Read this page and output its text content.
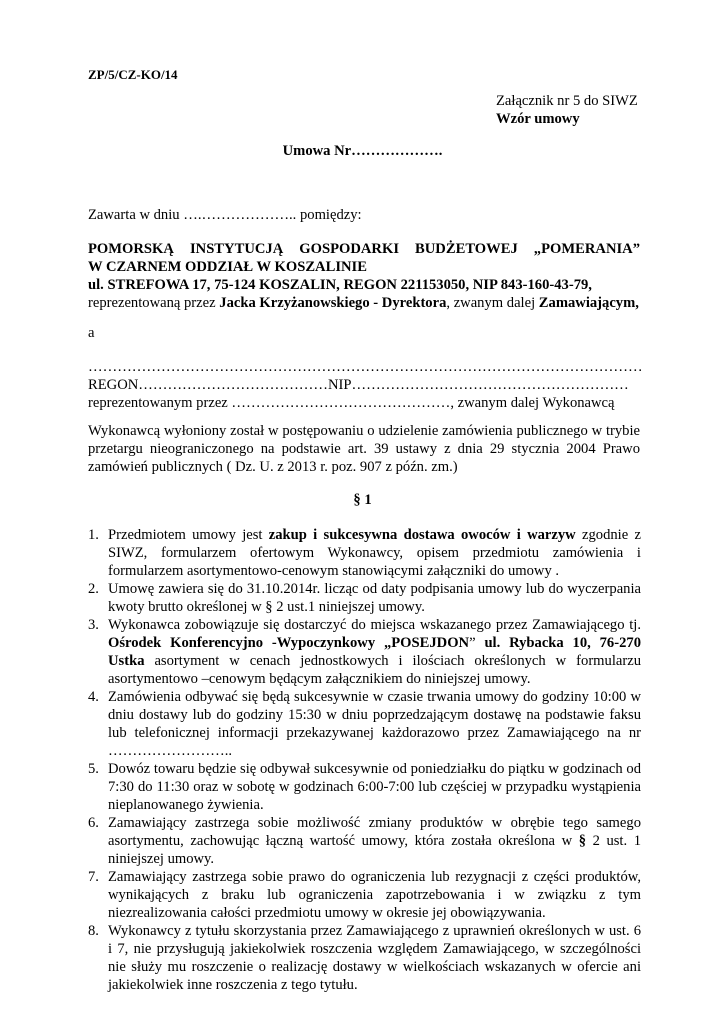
ZP/5/CZ-KO/14
Załącznik nr 5 do SIWZ
Wzór umowy
Umowa Nr……………….
Zawarta w dniu ….……………….. pomiędzy:
POMORSKĄ INSTYTUCJĄ GOSPODARKI BUDŻETOWEJ „POMERANIA”
W CZARNEM ODDZIAŁ W KOSZALINIE
ul. STREFOWA 17, 75-124 KOSZALIN, REGON 221153050, NIP 843-160-43-79,
reprezentowaną przez Jacka Krzyżanowskiego - Dyrektora, zwanym dalej Zamawiającym,
a
……………………………………………………………………………………………………
REGON…………………………………NIP…………………………………………………
reprezentowanym przez ………………………………………, zwanym dalej Wykonawcą
Wykonawcą wyłoniony został w postępowaniu o udzielenie zamówienia publicznego w trybie przetargu nieograniczonego na podstawie art. 39 ustawy z dnia 29 stycznia 2004 Prawo zamówień publicznych ( Dz. U. z 2013 r. poz. 907 z późn. zm.)
§ 1
1. Przedmiotem umowy jest zakup i sukcesywna dostawa owoców i warzyw zgodnie z SIWZ, formularzem ofertowym Wykonawcy, opisem przedmiotu zamówienia i formularzem asortymentowo-cenowym stanowiącymi załączniki do umowy .
2. Umowę zawiera się do 31.10.2014r. licząc od daty podpisania umowy lub do wyczerpania kwoty brutto określonej w § 2 ust.1 niniejszej umowy.
3. Wykonawca zobowiązuje się dostarczyć do miejsca wskazanego przez Zamawiającego tj. Ośrodek Konferencyjno -Wypoczynkowy „POSEJDON” ul. Rybacka 10, 76-270 Ustka asortyment w cenach jednostkowych i ilościach określonych w formularzu asortymentowo –cenowym będącym załącznikiem do niniejszej umowy.
4. Zamówienia odbywać się będą sukcesywnie w czasie trwania umowy do godziny 10:00 w dniu dostawy lub do godziny 15:30 w dniu poprzedzającym dostawę na podstawie faksu lub telefonicznej informacji przekazywanej każdorazowo przez Zamawiającego na nr ……………………..
5. Dowóz towaru będzie się odbywał sukcesywnie od poniedziałku do piątku w godzinach od 7:30 do 11:30 oraz w sobotę w godzinach 6:00-7:00 lub częściej w przypadku wystąpienia nieplanowanego żywienia.
6. Zamawiający zastrzega sobie możliwość zmiany produktów w obrębie tego samego asortymentu, zachowując łączną wartość umowy, która została określona w § 2 ust. 1 niniejszej umowy.
7. Zamawiający zastrzega sobie prawo do ograniczenia lub rezygnacji z części produktów, wynikających z braku lub ograniczenia zapotrzebowania i w związku z tym niezrealizowania całości przedmiotu umowy w okresie jej obowiązywania.
8. Wykonawcy z tytułu skorzystania przez Zamawiającego z uprawnień określonych w ust. 6 i 7, nie przysługują jakiekolwiek roszczenia względem Zamawiającego, w szczególności nie służy mu roszczenie o realizację dostawy w wielkościach wskazanych w ofercie ani jakiekolwiek inne roszczenia z tego tytułu.
